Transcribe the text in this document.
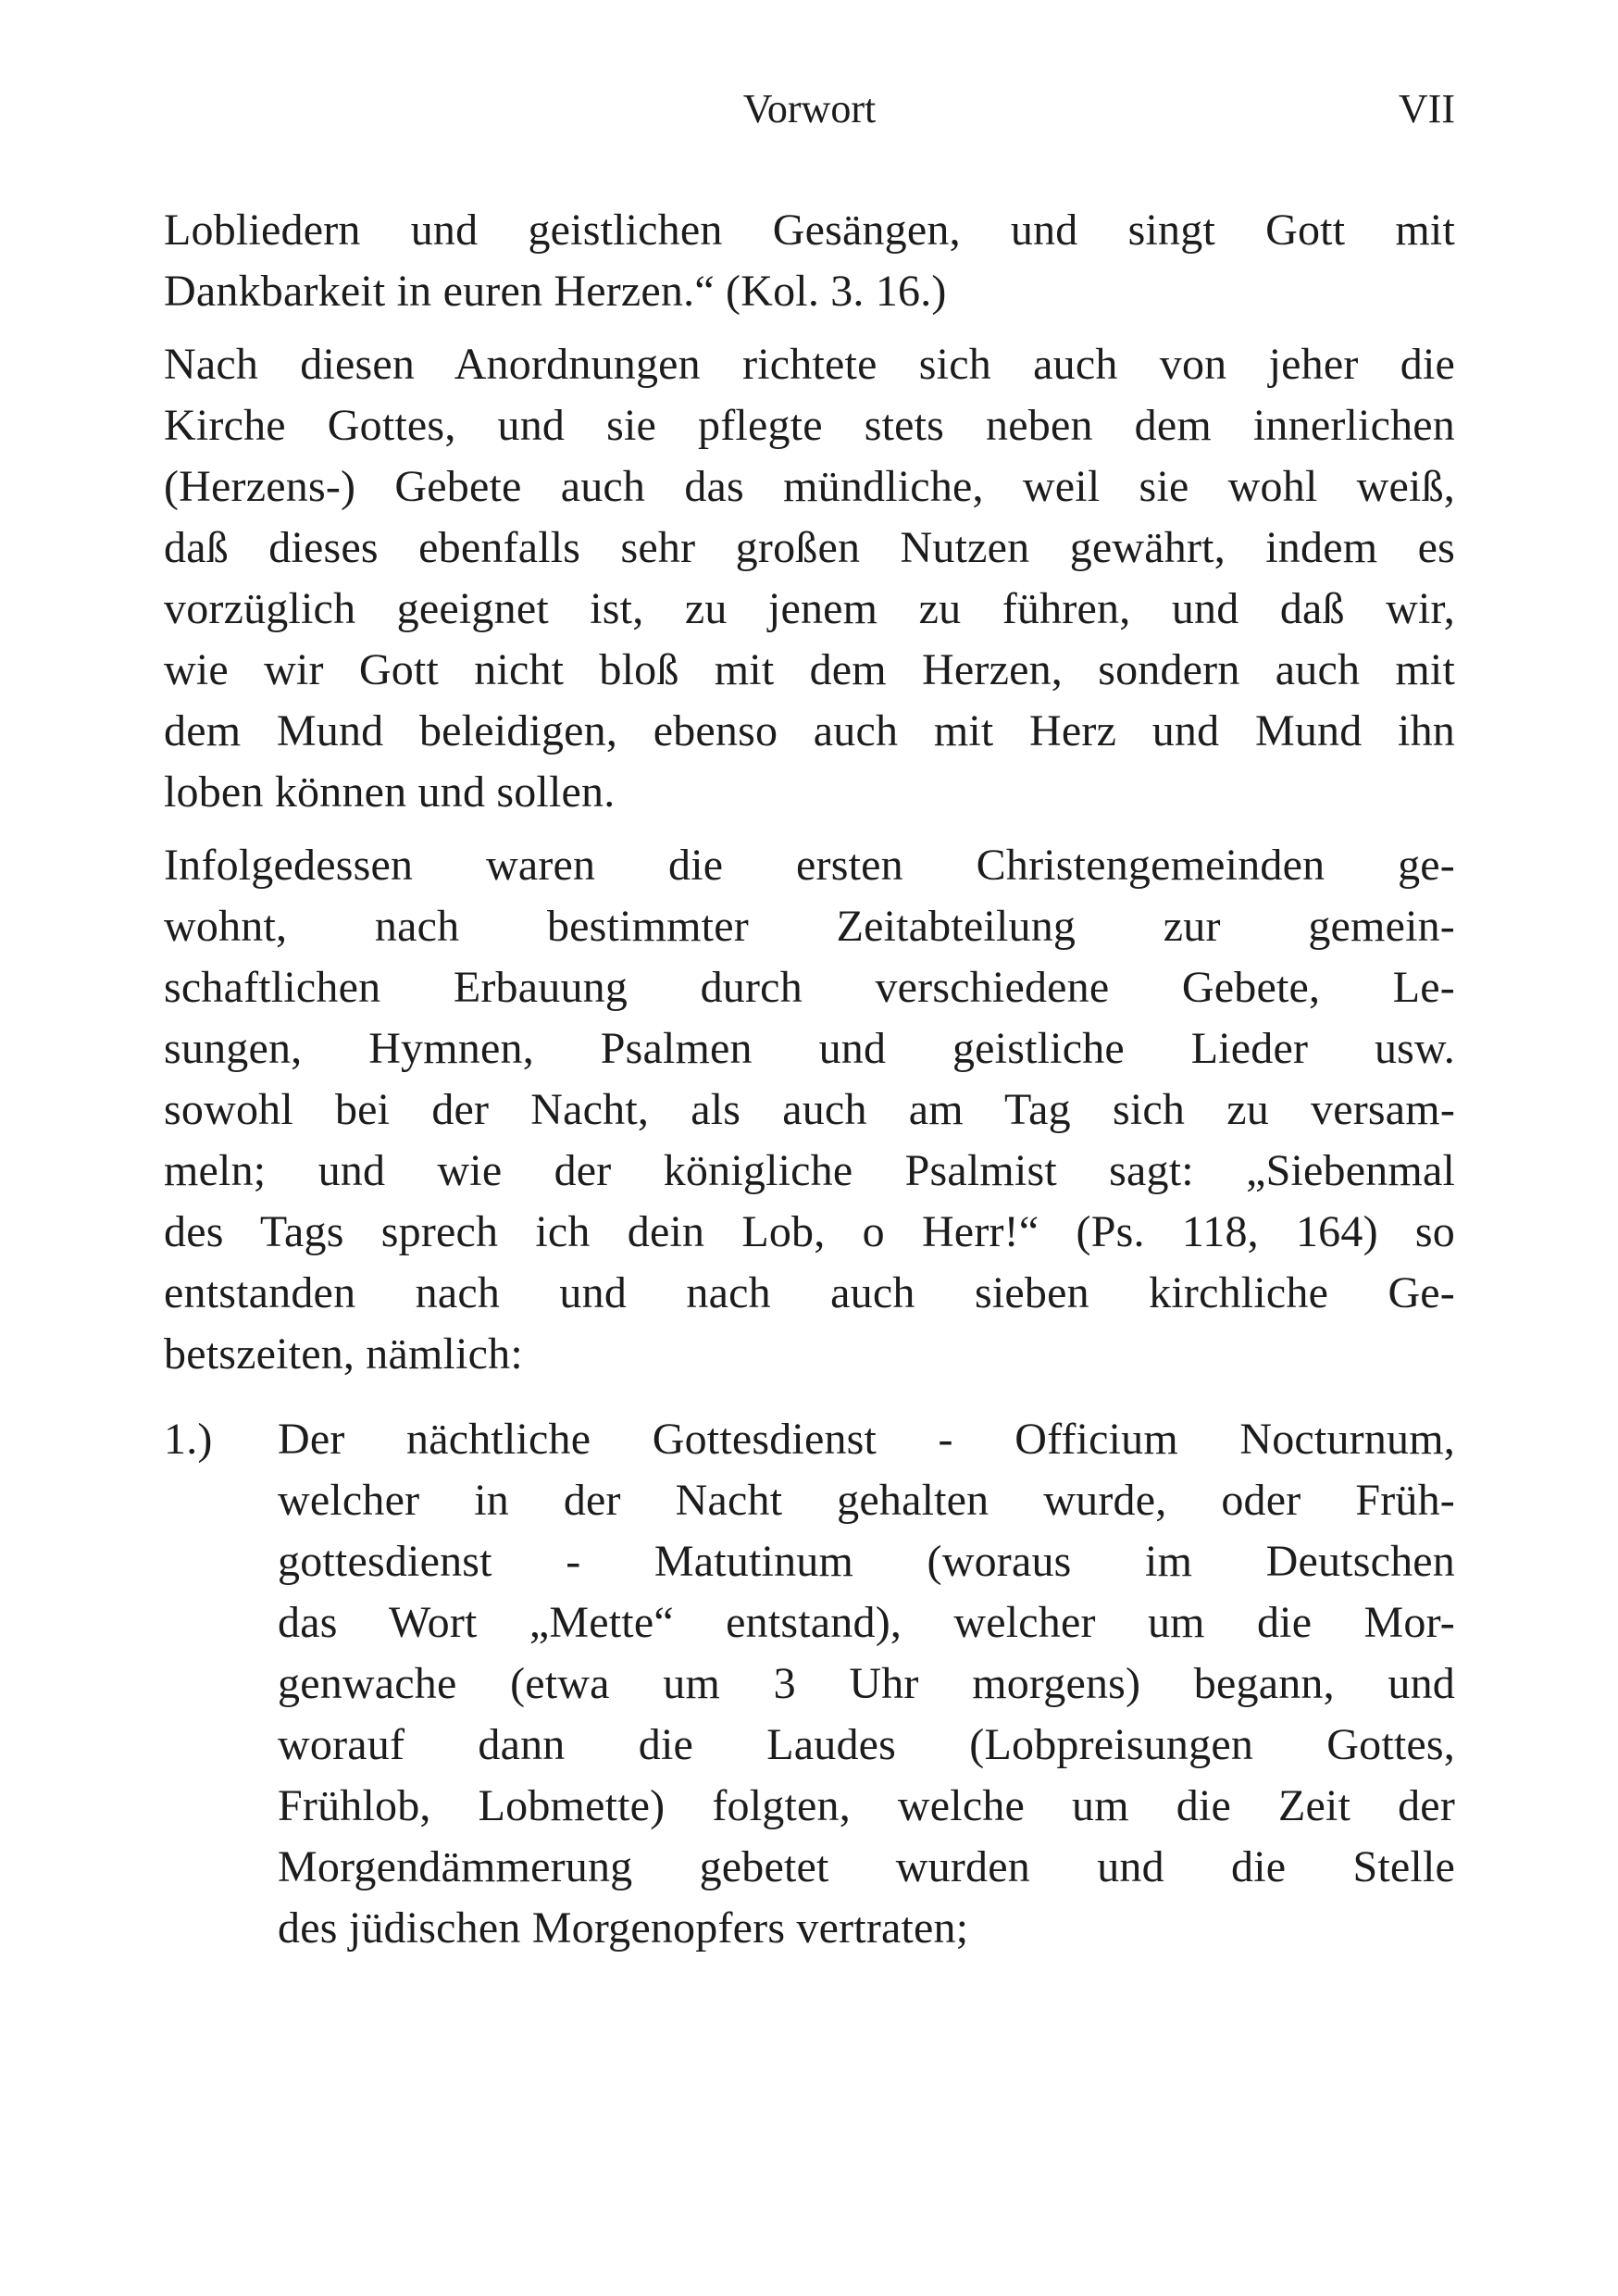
Vorwort	VII
Lobliedern und geistlichen Gesängen, und singt Gott mit
Dankbarkeit in euren Herzen.“ (Kol. 3. 16.)
Nach diesen Anordnungen richtete sich auch von jeher die
Kirche Gottes, und sie pflegte stets neben dem innerlichen
(Herzens-) Gebete auch das mündliche, weil sie wohl weiß,
daß dieses ebenfalls sehr großen Nutzen gewährt, indem es
vorzüglich geeignet ist, zu jenem zu führen, und daß wir,
wie wir Gott nicht bloß mit dem Herzen, sondern auch mit
dem Mund beleidigen, ebenso auch mit Herz und Mund ihn
loben können und sollen.
Infolgedessen waren die ersten Christengemeinden ge-
wohnt, nach bestimmter Zeitabteilung zur gemein-
schaftlichen Erbauung durch verschiedene Gebete, Le-
sungen, Hymnen, Psalmen und geistliche Lieder usw.
sowohl bei der Nacht, als auch am Tag sich zu versam-
meln; und wie der königliche Psalmist sagt: „Siebenmal
des Tags sprech ich dein Lob, o Herr!“ (Ps. 118, 164) so
entstanden nach und nach auch sieben kirchliche Ge-
betszeiten, nämlich:
1.)	Der nächtliche Gottesdienst - Officium Nocturnum,
welcher in der Nacht gehalten wurde, oder Früh-
gottesdienst - Matutinum (woraus im Deutschen
das Wort „Mette“ entstand), welcher um die Mor-
genwache (etwa um 3 Uhr morgens) begann, und
worauf dann die Laudes (Lobpreisungen Gottes,
Frühlob, Lobmette) folgten, welche um die Zeit der
Morgendämmerung gebetet wurden und die Stelle
des jüdischen Morgenopfers vertraten;
